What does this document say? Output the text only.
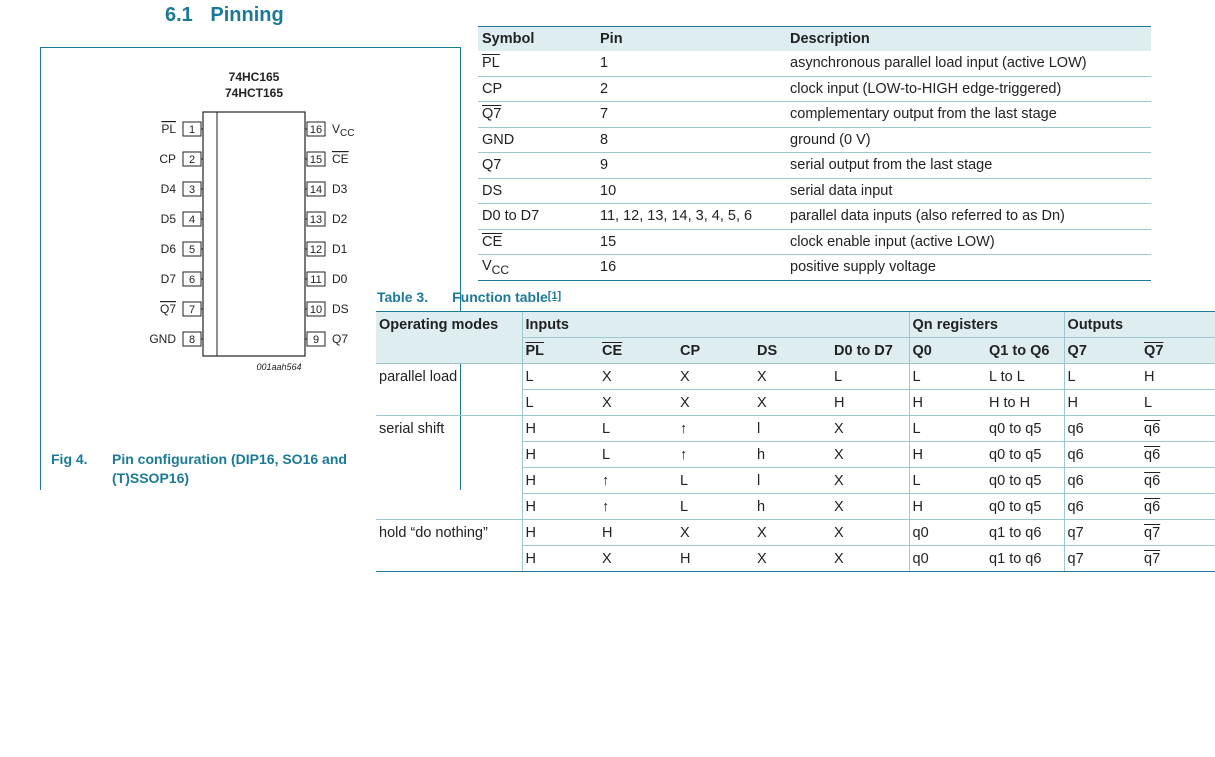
6.1 Pinning
74HC165
74HCT165
1
PL
2
CP
3
D4
4
D5
5
D6
6
D7
7
Q7
8
GND
16 $V_{CC}$
15 CE
14 D3
13 D2
12 D1
11 D0
10 DS
9 Q7
001aah564
Fig 4. Pin configuration (DIP16, SO16 and (T)SSOP16)
Symbol	Pin	Description
$\overline{PL}$	1	asynchronous parallel load input (active LOW)
CP	2	clock input (LOW-to-HIGH edge-triggered)
Q7	7	complementary output from the last stage
GND	8	ground (0 V)
Q7	9	serial output from the last stage
DS	10	serial data input
D0 to D7	11, 12, 13, 14, 3, 4, 5, 6	parallel data inputs (also referred to as Dn)
$\overline{CE}$	15	clock enable input (active LOW)
$V_{CC}$	16	positive supply voltage
Table 3. Function table[1]
Operating modes	Inputs					Qn registers		Outputs	
	$\overline{PL}$	$\overline{CE}$	CP	DS	D0 to D7	Q0	Q1 to Q6	Q7	Q7
parallel load	L	X	X	X	L	L	L to L	L	H
	L	X	X	X	H	H	H to H	H	L
serial shift	H	L	↑	l	X	L	q0 to q5	q6	q6
	H	L	↑	h	X	H	q0 to q5	q6	q6
	H	↑	L	l	X	L	q0 to q5	q6	q6
	H	↑	L	h	X	H	q0 to q5	q6	q6
hold “do nothing”	H	H	X	X	X	q0	q1 to q6	q7	q7
	H	X	H	X	X	q0	q1 to q6	q7	q7
